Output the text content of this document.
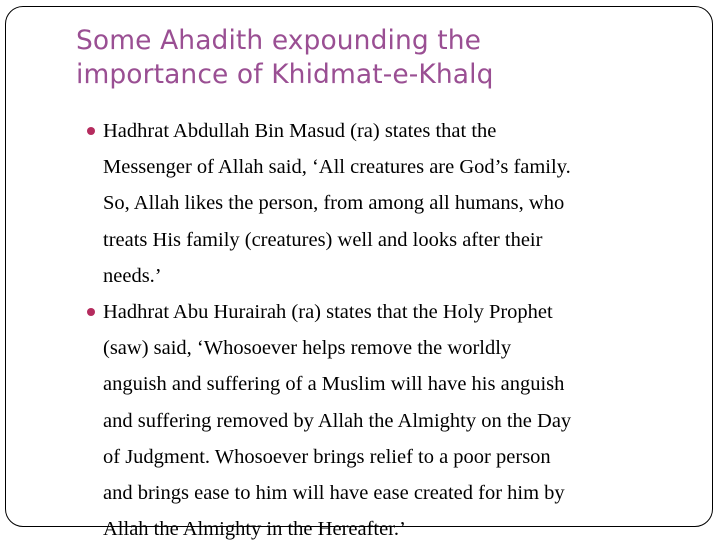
Some Ahadith expounding the
importance of Khidmat-e-Khalq
Hadhrat Abdullah Bin Masud (ra) states that the
Messenger of Allah said, ‘All creatures are God’s family.
So, Allah likes the person, from among all humans, who
treats His family (creatures) well and looks after their
needs.’
Hadhrat Abu Hurairah (ra) states that the Holy Prophet
(saw) said, ‘Whosoever helps remove the worldly
anguish and suffering of a Muslim will have his anguish
and suffering removed by Allah the Almighty on the Day
of Judgment. Whosoever brings relief to a poor person
and brings ease to him will have ease created for him by
Allah the Almighty in the Hereafter.’
